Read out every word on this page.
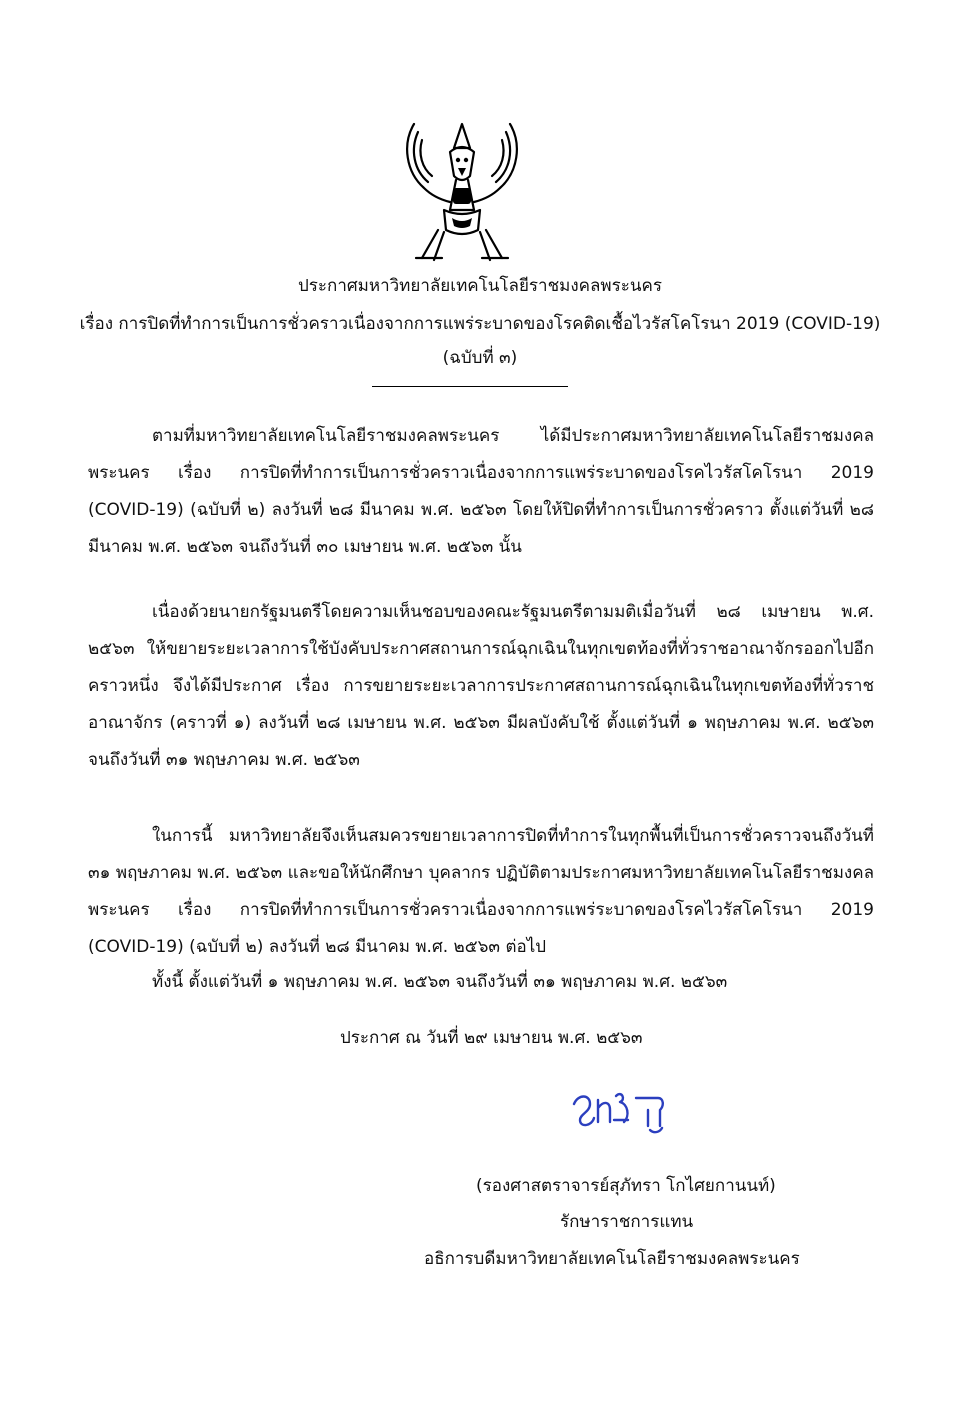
ประกาศมหาวิทยาลัยเทคโนโลยีราชมงคลพระนคร
เรื่อง การปิดที่ทำการเป็นการชั่วคราวเนื่องจากการแพร่ระบาดของโรคติดเชื้อไวรัสโคโรนา 2019 (COVID-19)
(ฉบับที่ ๓)

ตามที่มหาวิทยาลัยเทคโนโลยีราชมงคลพระนคร ได้มีประกาศมหาวิทยาลัยเทคโนโลยีราชมงคลพระนคร เรื่อง การปิดที่ทำการเป็นการชั่วคราวเนื่องจากการแพร่ระบาดของโรคไวรัสโคโรนา 2019 (COVID-19) (ฉบับที่ ๒) ลงวันที่ ๒๘ มีนาคม พ.ศ. ๒๕๖๓ โดยให้ปิดที่ทำการเป็นการชั่วคราว ตั้งแต่วันที่ ๒๘ มีนาคม พ.ศ. ๒๕๖๓ จนถึงวันที่ ๓๐ เมษายน พ.ศ. ๒๕๖๓ นั้น

เนื่องด้วยนายกรัฐมนตรีโดยความเห็นชอบของคณะรัฐมนตรีตามมติเมื่อวันที่ ๒๘ เมษายน พ.ศ. ๒๕๖๓ ให้ขยายระยะเวลาการใช้บังคับประกาศสถานการณ์ฉุกเฉินในทุกเขตท้องที่ทั่วราชอาณาจักรออกไปอีกคราวหนึ่ง จึงได้มีประกาศ เรื่อง การขยายระยะเวลาการประกาศสถานการณ์ฉุกเฉินในทุกเขตท้องที่ทั่วราชอาณาจักร (คราวที่ ๑) ลงวันที่ ๒๘ เมษายน พ.ศ. ๒๕๖๓ มีผลบังคับใช้ ตั้งแต่วันที่ ๑ พฤษภาคม พ.ศ. ๒๕๖๓ จนถึงวันที่ ๓๑ พฤษภาคม พ.ศ. ๒๕๖๓

ในการนี้ มหาวิทยาลัยจึงเห็นสมควรขยายเวลาการปิดที่ทำการในทุกพื้นที่เป็นการชั่วคราวจนถึงวันที่ ๓๑ พฤษภาคม พ.ศ. ๒๕๖๓ และขอให้นักศึกษา บุคลากร ปฏิบัติตามประกาศมหาวิทยาลัยเทคโนโลยีราชมงคลพระนคร เรื่อง การปิดที่ทำการเป็นการชั่วคราวเนื่องจากการแพร่ระบาดของโรคไวรัสโคโรนา 2019 (COVID-19) (ฉบับที่ ๒) ลงวันที่ ๒๘ มีนาคม พ.ศ. ๒๕๖๓ ต่อไป

ทั้งนี้ ตั้งแต่วันที่ ๑ พฤษภาคม พ.ศ. ๒๕๖๓ จนถึงวันที่ ๓๑ พฤษภาคม พ.ศ. ๒๕๖๓
ประกาศ ณ วันที่ ๒๙ เมษายน พ.ศ. ๒๕๖๓
(รองศาสตราจารย์สุภัทรา โกไศยกานนท์)
รักษาราชการแทน
อธิการบดีมหาวิทยาลัยเทคโนโลยีราชมงคลพระนคร
